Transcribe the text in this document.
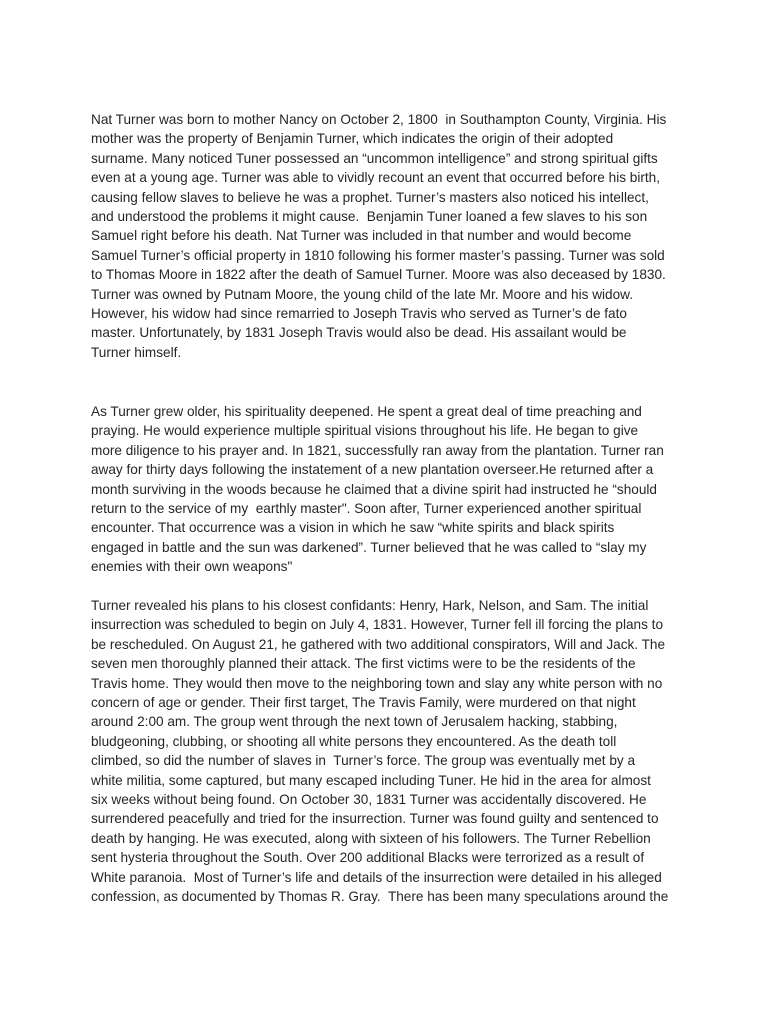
Nat Turner was born to mother Nancy on October 2, 1800  in Southampton County, Virginia. His
mother was the property of Benjamin Turner, which indicates the origin of their adopted
surname. Many noticed Tuner possessed an “uncommon intelligence” and strong spiritual gifts
even at a young age. Turner was able to vividly recount an event that occurred before his birth,
causing fellow slaves to believe he was a prophet. Turner’s masters also noticed his intellect,
and understood the problems it might cause.  Benjamin Tuner loaned a few slaves to his son
Samuel right before his death. Nat Turner was included in that number and would become
Samuel Turner’s official property in 1810 following his former master’s passing. Turner was sold
to Thomas Moore in 1822 after the death of Samuel Turner. Moore was also deceased by 1830.
Turner was owned by Putnam Moore, the young child of the late Mr. Moore and his widow.
However, his widow had since remarried to Joseph Travis who served as Turner’s de fato
master. Unfortunately, by 1831 Joseph Travis would also be dead. His assailant would be
Turner himself.
As Turner grew older, his spirituality deepened. He spent a great deal of time preaching and
praying. He would experience multiple spiritual visions throughout his life. He began to give
more diligence to his prayer and. In 1821, successfully ran away from the plantation. Turner ran
away for thirty days following the instatement of a new plantation overseer.He returned after a
month surviving in the woods because he claimed that a divine spirit had instructed he “should
return to the service of my  earthly master". Soon after, Turner experienced another spiritual
encounter. That occurrence was a vision in which he saw “white spirits and black spirits
engaged in battle and the sun was darkened”. Turner believed that he was called to “slay my
enemies with their own weapons"
Turner revealed his plans to his closest confidants: Henry, Hark, Nelson, and Sam. The initial
insurrection was scheduled to begin on July 4, 1831. However, Turner fell ill forcing the plans to
be rescheduled. On August 21, he gathered with two additional conspirators, Will and Jack. The
seven men thoroughly planned their attack. The first victims were to be the residents of the
Travis home. They would then move to the neighboring town and slay any white person with no
concern of age or gender. Their first target, The Travis Family, were murdered on that night
around 2:00 am. The group went through the next town of Jerusalem hacking, stabbing,
bludgeoning, clubbing, or shooting all white persons they encountered. As the death toll
climbed, so did the number of slaves in  Turner’s force. The group was eventually met by a
white militia, some captured, but many escaped including Tuner. He hid in the area for almost
six weeks without being found. On October 30, 1831 Turner was accidentally discovered. He
surrendered peacefully and tried for the insurrection. Turner was found guilty and sentenced to
death by hanging. He was executed, along with sixteen of his followers. The Turner Rebellion
sent hysteria throughout the South. Over 200 additional Blacks were terrorized as a result of
White paranoia.  Most of Turner’s life and details of the insurrection were detailed in his alleged
confession, as documented by Thomas R. Gray.  There has been many speculations around the
